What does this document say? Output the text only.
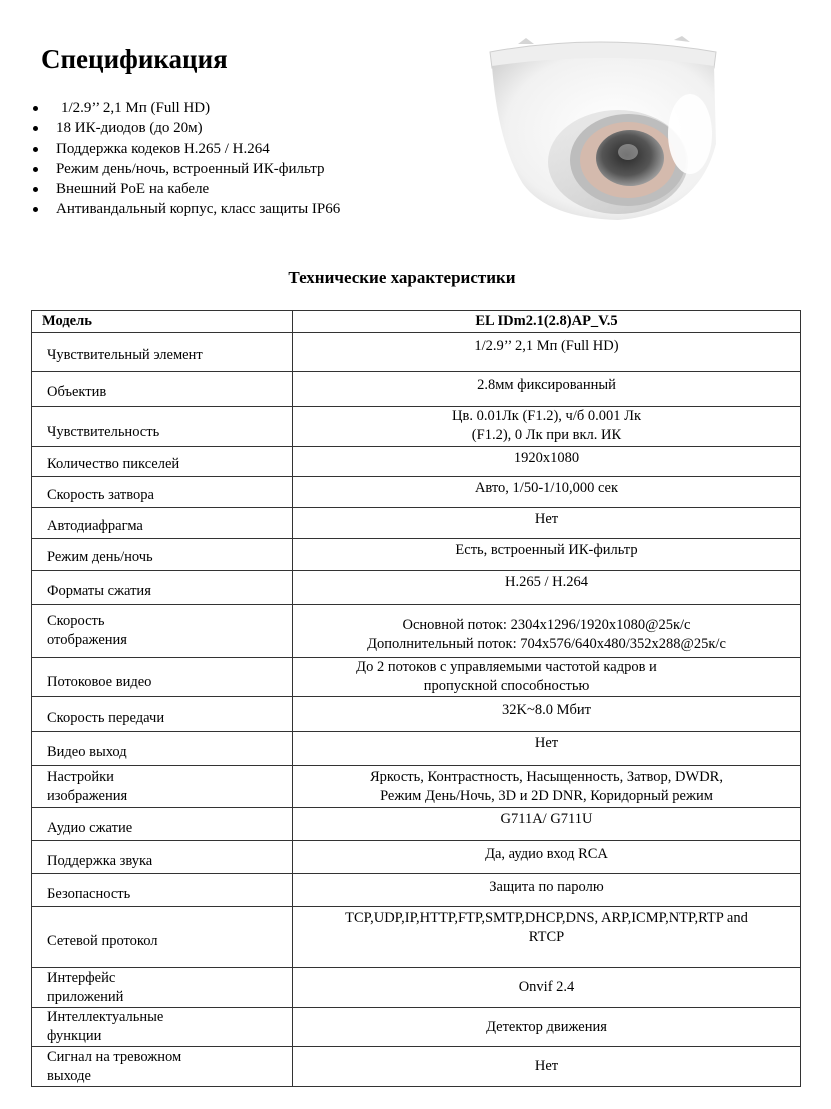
Спецификация
1/2.9’’ 2,1 Мп (Full HD)
18 ИК-диодов (до 20м)
Поддержка кодеков H.265 / H.264
Режим день/ночь, встроенный ИК-фильтр
Внешний PoE на кабеле
Антивандальный корпус, класс защиты IP66
Технические характеристики
Модель	EL IDm2.1(2.8)AP_V.5
Чувствительный элемент	1/2.9’’ 2,1 Мп (Full HD)
Объектив	2.8мм фиксированный
Чувствительность	Цв. 0.01Лк (F1.2), ч/б 0.001 Лк
(F1.2), 0 Лк при вкл. ИК
Количество пикселей	1920x1080
Скорость затвора	Авто, 1/50-1/10,000 сек
Автодиафрагма	Нет
Режим день/ночь	Есть, встроенный ИК-фильтр
Форматы сжатия	H.265 / H.264
Скорость
отображения	Основной поток: 2304x1296/1920x1080@25к/с
Дополнительный поток: 704x576/640x480/352x288@25к/с
Потоковое видео	До 2 потоков с управляемыми частотой кадров и
пропускной способностью
Скорость передачи	32K~8.0 Мбит
Видео выход	Нет
Настройки
изображения	Яркость, Контрастность, Насыщенность, Затвор, DWDR,
Режим День/Ночь, 3D и 2D DNR, Коридорный режим
Аудио сжатие	G711A/ G711U
Поддержка звука	Да, аудио вход RCA
Безопасность	Защита по паролю
Сетевой протокол	TCP,UDP,IP,HTTP,FTP,SMTP,DHCP,DNS, ARP,ICMP,NTP,RTP and
RTCP
Интерфейс
приложений	Onvif 2.4
Интеллектуальные
функции	Детектор движения
Сигнал на тревожном
выходе	Нет
